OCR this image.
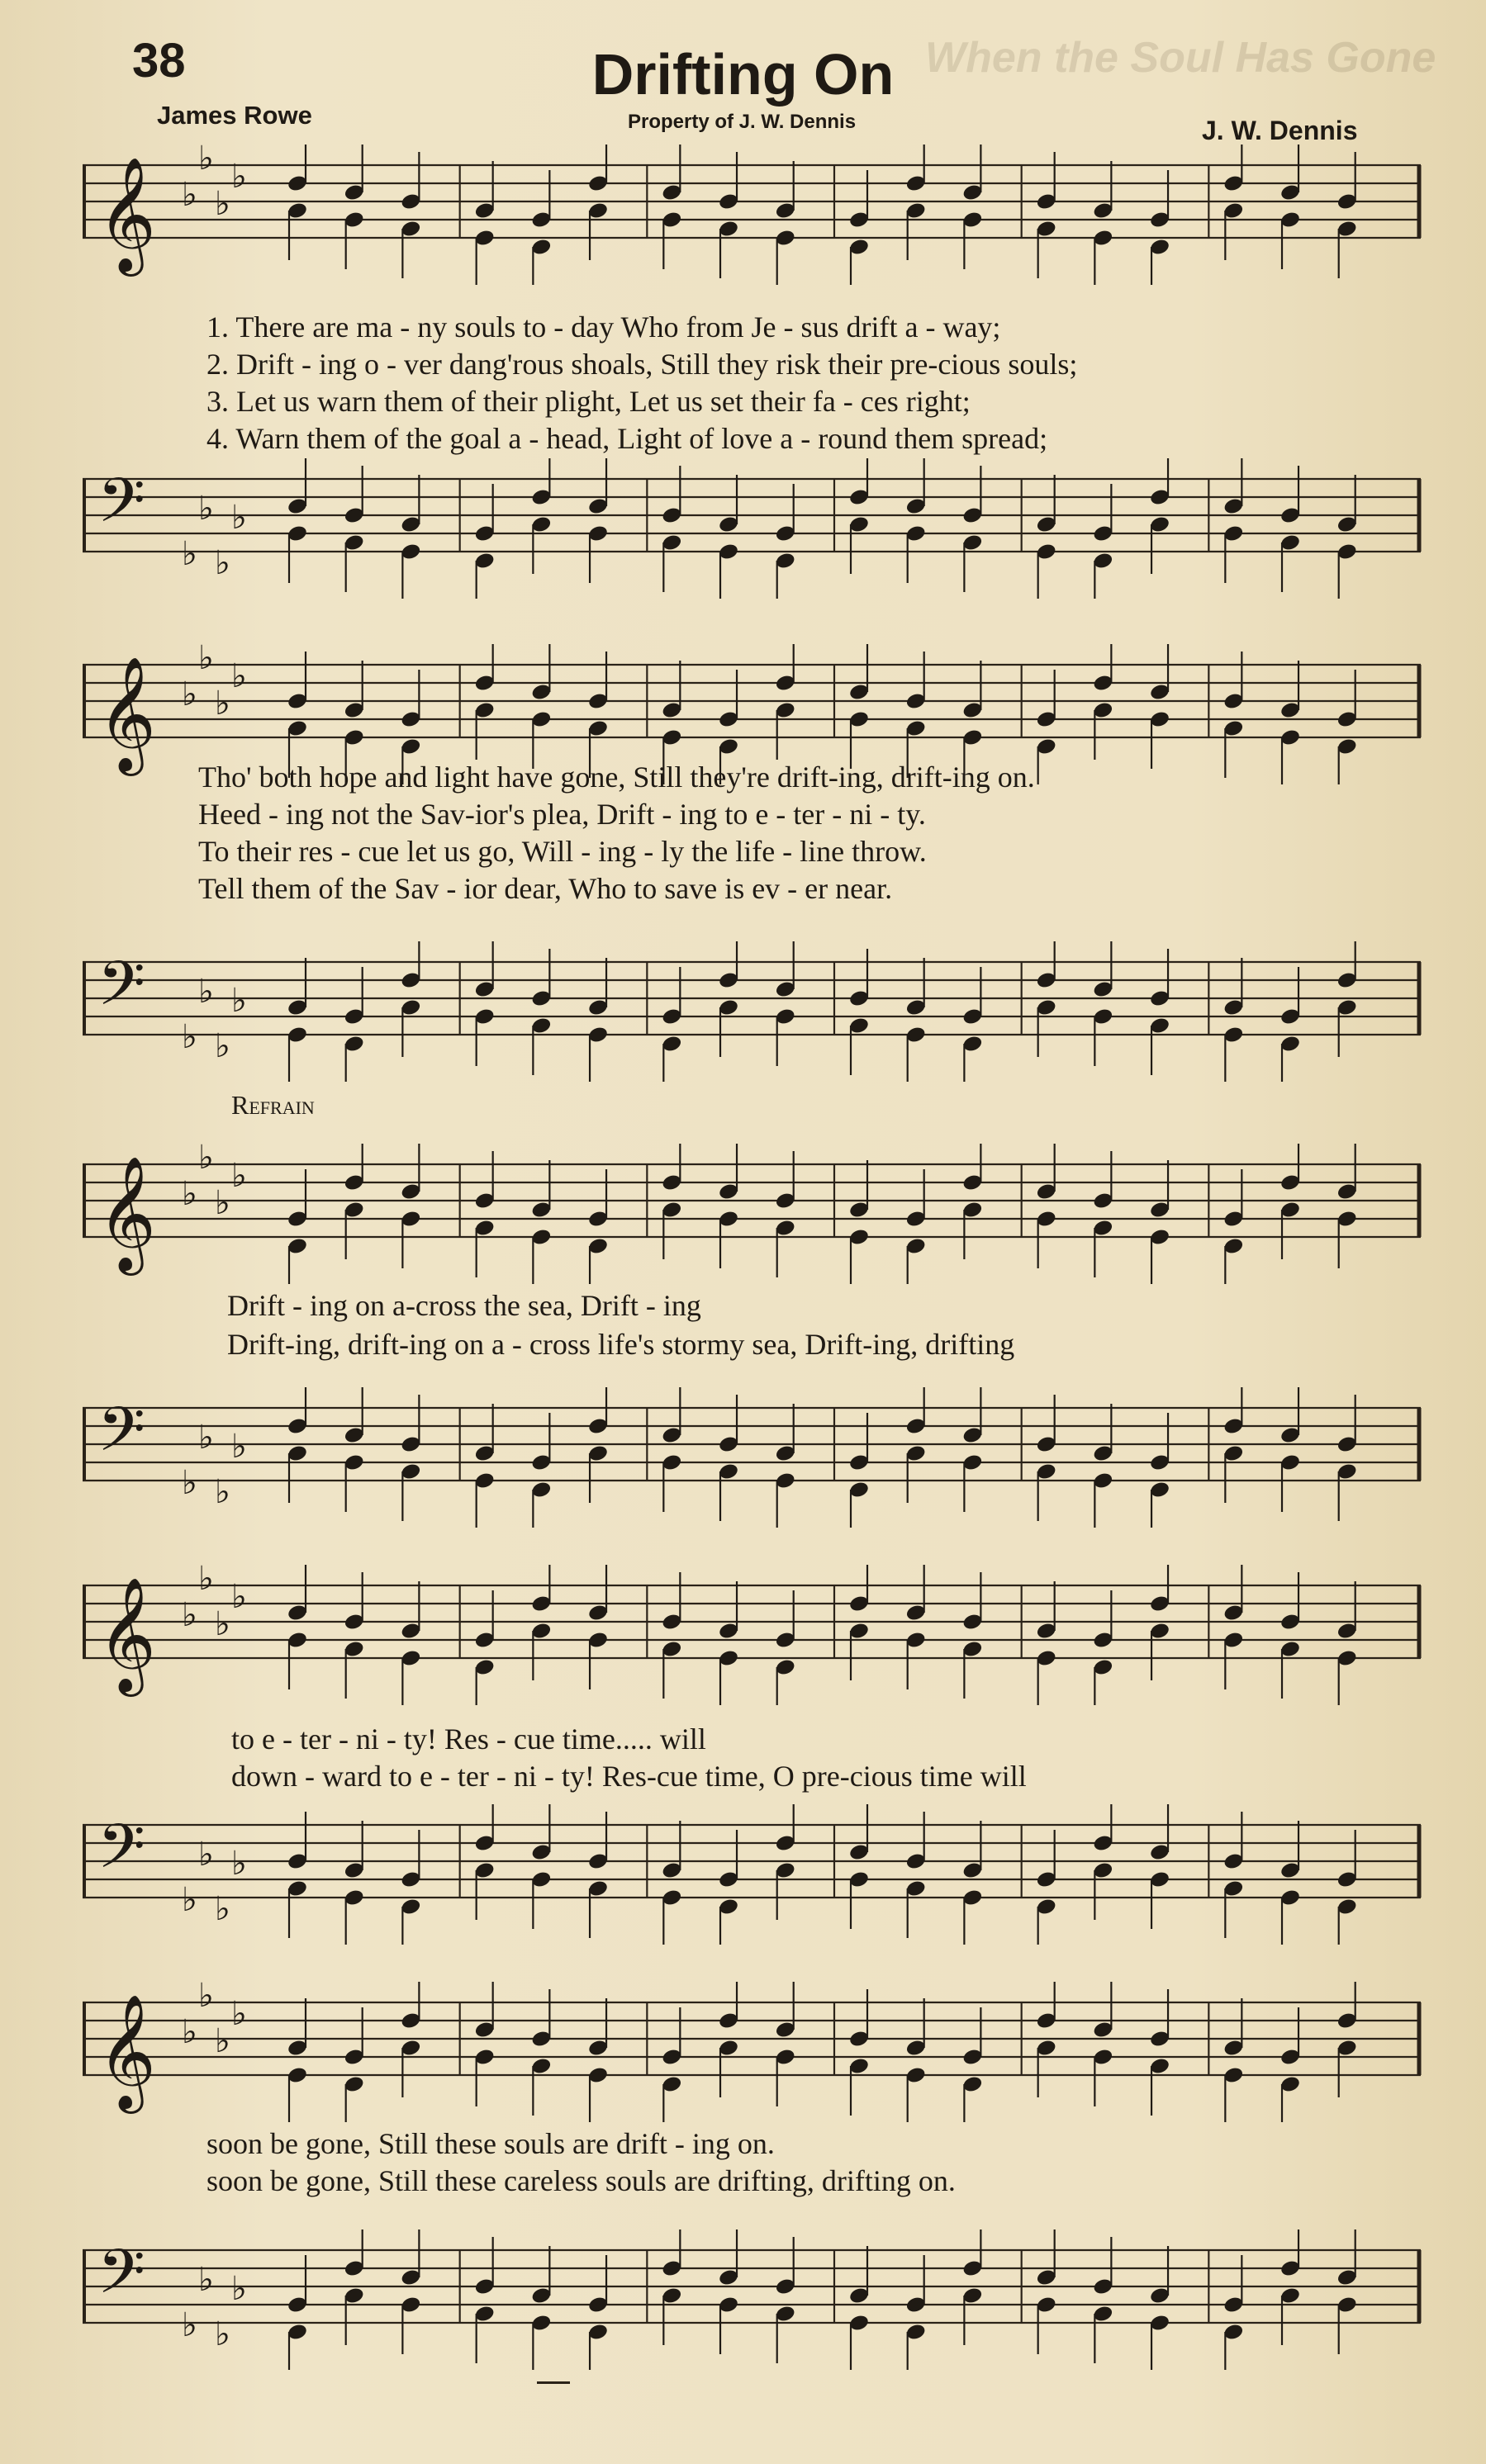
When the Soul Has Gone
38	Drifting On
James Rowe	Property of J. W. Dennis	J. W. Dennis
𝄞 ♭
♭
♭
♭
𝄢
♭
♭
♭
♭
1. There are ma - ny souls to - day Who from Je - sus drift a - way;
2. Drift - ing o - ver dang'rous shoals, Still they risk their pre-cious souls;
3. Let us warn them of their plight, Let us set their fa - ces right;
4. Warn them of the goal a - head, Light of love a - round them spread;
𝄞 ♭
♭
♭
♭
𝄢
♭
♭
♭
♭
Tho' both hope and light have gone, Still they're drift-ing, drift-ing on.
Heed - ing not the Sav-ior's plea, Drift - ing to e - ter - ni - ty.
To their res - cue let us go, Will - ing - ly the life - line throw.
Tell them of the Sav - ior dear, Who to save is ev - er near.
Refrain
𝄞 ♭
♭
♭
♭
𝄢
♭
♭
♭
♭
Drift - ing on a-cross the sea, Drift - ing
Drift-ing, drift-ing on a - cross life's stormy sea, Drift-ing, drifting
𝄞 ♭
♭
♭
♭
𝄢
♭
♭
♭
♭
to e - ter - ni - ty! Res - cue time..... will
down - ward to e - ter - ni - ty! Res-cue time, O pre-cious time will
𝄞 ♭
♭
♭
♭
𝄢
♭
♭
♭
♭
soon be gone, Still these souls are drift - ing on.
soon be gone, Still these careless souls are drifting, drifting on.
